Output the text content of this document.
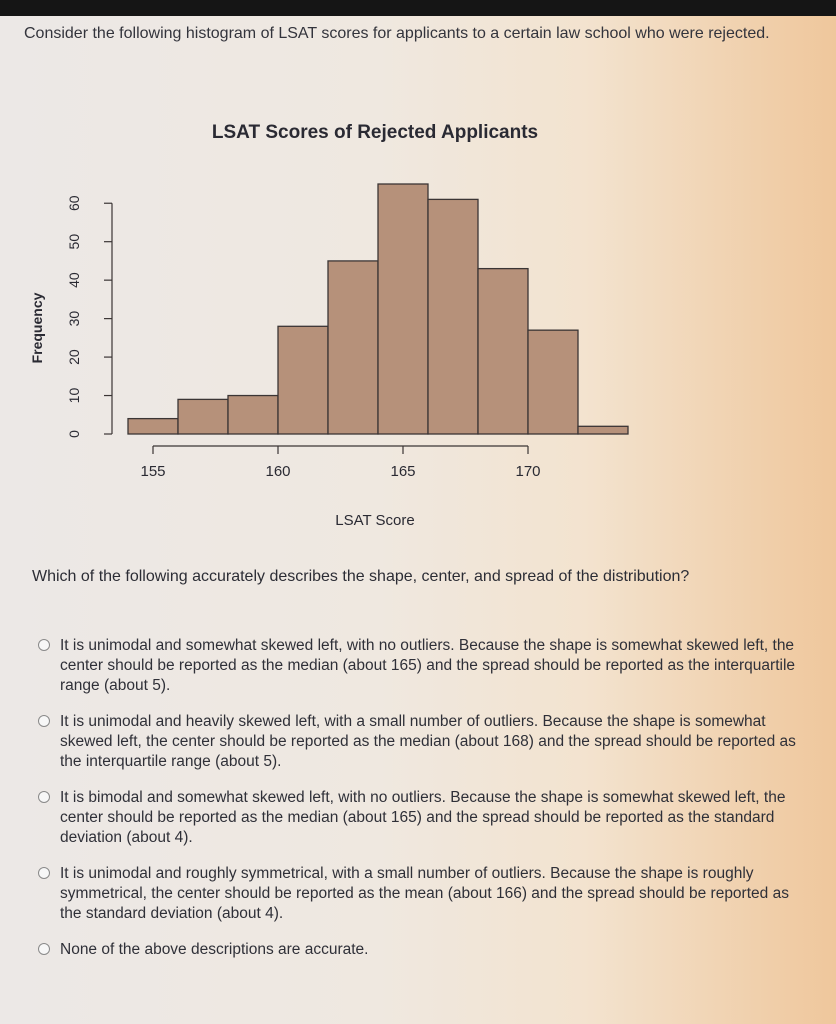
Consider the following histogram of LSAT scores for applicants to a certain law school who were rejected.

LSAT Scores of Rejected Applicants
155	160	165	170
0
10
20
30
40
50
60
LSAT Score
Frequency

Which of the following accurately describes the shape, center, and spread of the distribution?

It is unimodal and somewhat skewed left, with no outliers. Because the shape is somewhat skewed left, the center should be reported as the median (about 165) and the spread should be reported as the interquartile range (about 5).
It is unimodal and heavily skewed left, with a small number of outliers. Because the shape is somewhat skewed left, the center should be reported as the median (about 168) and the spread should be reported as the interquartile range (about 5).
It is bimodal and somewhat skewed left, with no outliers. Because the shape is somewhat skewed left, the center should be reported as the median (about 165) and the spread should be reported as the standard deviation (about 4).
It is unimodal and roughly symmetrical, with a small number of outliers. Because the shape is roughly symmetrical, the center should be reported as the mean (about 166) and the spread should be reported as the standard deviation (about 4).
None of the above descriptions are accurate.
